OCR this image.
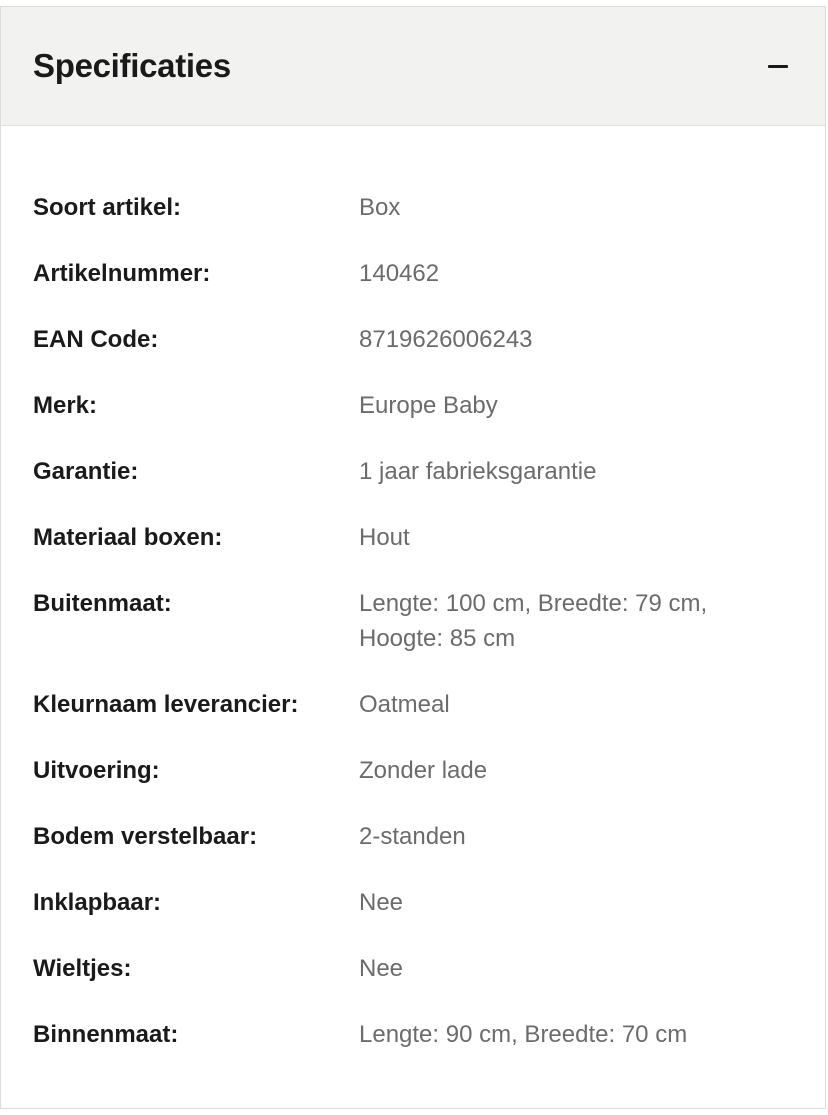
Specificaties
Soort artikel:	Box
Artikelnummer:	140462
EAN Code:	8719626006243
Merk:	Europe Baby
Garantie:	1 jaar fabrieksgarantie
Materiaal boxen:	Hout
Buitenmaat:	Lengte: 100 cm, Breedte: 79 cm, Hoogte: 85 cm
Kleurnaam leverancier:	Oatmeal
Uitvoering:	Zonder lade
Bodem verstelbaar:	2-standen
Inklapbaar:	Nee
Wieltjes:	Nee
Binnenmaat:	Lengte: 90 cm, Breedte: 70 cm
